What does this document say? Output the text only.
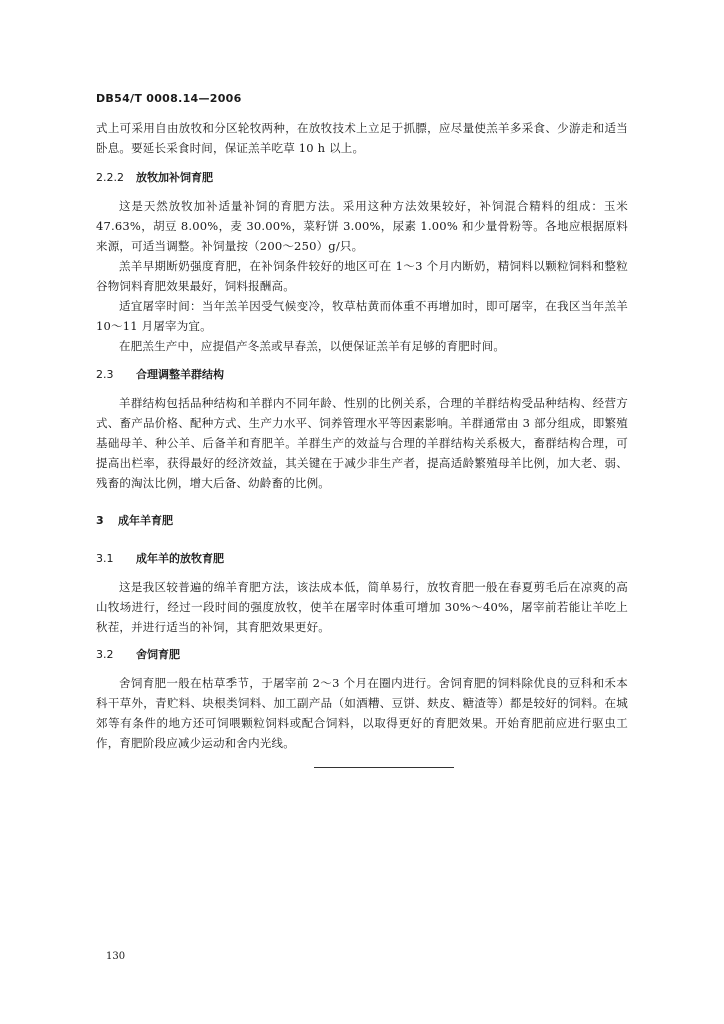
DB54/T 0008.14—2006

式上可采用自由放牧和分区轮牧两种，在放牧技术上立足于抓膘，应尽量使羔羊多采食、少游走和适当卧息。要延长采食时间，保证羔羊吃草 10 h 以上。

2.2.2 放牧加补饲育肥

这是天然放牧加补适量补饲的育肥方法。采用这种方法效果较好，补饲混合精料的组成：玉米 47.63%，胡豆 8.00%，麦 30.00%，菜籽饼 3.00%，尿素 1.00% 和少量骨粉等。各地应根据原料来源，可适当调整。补饲量按（200～250）g/只。

羔羊早期断奶强度育肥，在补饲条件较好的地区可在 1～3 个月内断奶，精饲料以颗粒饲料和整粒谷物饲料育肥效果最好，饲料报酬高。

适宜屠宰时间：当年羔羊因受气候变冷，牧草枯黄而体重不再增加时，即可屠宰，在我区当年羔羊 10～11 月屠宰为宜。

在肥羔生产中，应提倡产冬羔或早春羔，以便保证羔羊有足够的育肥时间。

2.3 合理调整羊群结构

羊群结构包括品种结构和羊群内不同年龄、性别的比例关系，合理的羊群结构受品种结构、经营方式、畜产品价格、配种方式、生产力水平、饲养管理水平等因素影响。羊群通常由 3 部分组成，即繁殖基础母羊、种公羊、后备羊和育肥羊。羊群生产的效益与合理的羊群结构关系极大，畜群结构合理，可提高出栏率，获得最好的经济效益，其关键在于减少非生产者，提高适龄繁殖母羊比例，加大老、弱、残畜的淘汰比例，增大后备、幼龄畜的比例。

3 成年羊育肥
3.1 成年羊的放牧育肥

这是我区较普遍的绵羊育肥方法，该法成本低，简单易行，放牧育肥一般在春夏剪毛后在凉爽的高山牧场进行，经过一段时间的强度放牧，使羊在屠宰时体重可增加 30%～40%，屠宰前若能让羊吃上秋茬，并进行适当的补饲，其育肥效果更好。

3.2 舍饲育肥

舍饲育肥一般在枯草季节，于屠宰前 2～3 个月在圈内进行。舍饲育肥的饲料除优良的豆科和禾本科干草外，青贮料、块根类饲料、加工副产品（如酒糟、豆饼、麸皮、糖渣等）都是较好的饲料。在城郊等有条件的地方还可饲喂颗粒饲料或配合饲料，以取得更好的育肥效果。开始育肥前应进行驱虫工作，育肥阶段应减少运动和舍内光线。

130
